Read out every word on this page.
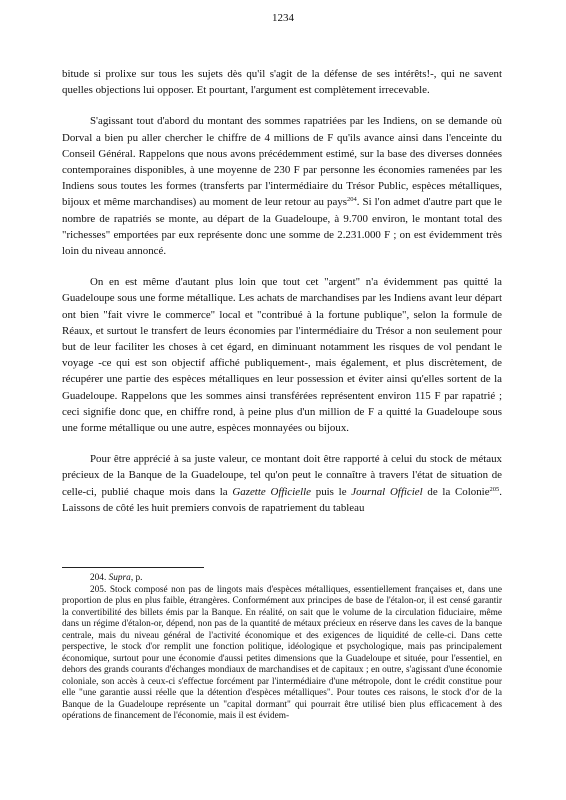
1234

bitude si prolixe sur tous les sujets dès qu'il s'agit de la défense de ses intérêts!-, qui ne savent quelles objections lui opposer. Et pourtant, l'argument est complètement irrecevable.

S'agissant tout d'abord du montant des sommes rapatriées par les Indiens, on se demande où Dorval a bien pu aller chercher le chiffre de 4 millions de F qu'ils avance ainsi dans l'enceinte du Conseil Général. Rappelons que nous avons précédemment estimé, sur la base des diverses données contemporaines disponibles, à une moyenne de 230 F par personne les économies ramenées par les Indiens sous toutes les formes (transferts par l'intermédiaire du Trésor Public, espèces métalliques, bijoux et même marchandises) au moment de leur retour au pays$^{204}$. Si l'on admet d'autre part que le nombre de rapatriés se monte, au départ de la Guadeloupe, à 9.700 environ, le montant total des "richesses" emportées par eux représente donc une somme de 2.231.000 F ; on est évidemment très loin du niveau annoncé.

On en est même d'autant plus loin que tout cet "argent" n'a évidemment pas quitté la Guadeloupe sous une forme métallique. Les achats de marchandises par les Indiens avant leur départ ont bien "fait vivre le commerce" local et "contribué à la fortune publique", selon la formule de Réaux, et surtout le transfert de leurs économies par l'intermédiaire du Trésor a non seulement pour but de leur faciliter les choses à cet égard, en diminuant notamment les risques de vol pendant le voyage -ce qui est son objectif affiché publiquement-, mais également, et plus discrètement, de récupérer une partie des espèces métalliques en leur possession et éviter ainsi qu'elles sortent de la Guadeloupe. Rappelons que les sommes ainsi transférées représentent environ 115 F par rapatrié ; ceci signifie donc que, en chiffre rond, à peine plus d'un million de F a quitté la Guadeloupe sous une forme métallique ou une autre, espèces monnayées ou bijoux.

Pour être apprécié à sa juste valeur, ce montant doit être rapporté à celui du stock de métaux précieux de la Banque de la Guadeloupe, tel qu'on peut le connaître à travers l'état de situation de celle-ci, publié chaque mois dans la Gazette Officielle puis le Journal Officiel de la Colonie$^{205}$. Laissons de côté les huit premiers convois de rapatriement du tableau

204. Supra, p.

205. Stock composé non pas de lingots mais d'espèces métalliques, essentiellement françaises et, dans une proportion de plus en plus faible, étrangères. Conformément aux principes de base de l'étalon-or, il est censé garantir la convertibilité des billets émis par la Banque. En réalité, on sait que le volume de la circulation fiduciaire, même dans un régime d'étalon-or, dépend, non pas de la quantité de métaux précieux en réserve dans les caves de la banque centrale, mais du niveau général de l'activité économique et des exigences de liquidité de celle-ci. Dans cette perspective, le stock d'or remplit une fonction politique, idéologique et psychologique, mais pas principalement économique, surtout pour une économie d'aussi petites dimensions que la Guadeloupe et située, pour l'essentiel, en dehors des grands courants d'échanges mondiaux de marchandises et de capitaux ; en outre, s'agissant d'une économie coloniale, son accès à ceux-ci s'effectue forcément par l'intermédiaire d'une métropole, dont le crédit constitue pour elle "une garantie aussi réelle que la détention d'espèces métalliques". Pour toutes ces raisons, le stock d'or de la Banque de la Guadeloupe représente un "capital dormant" qui pourrait être utilisé bien plus efficacement à des opérations de financement de l'économie, mais il est évidem-
